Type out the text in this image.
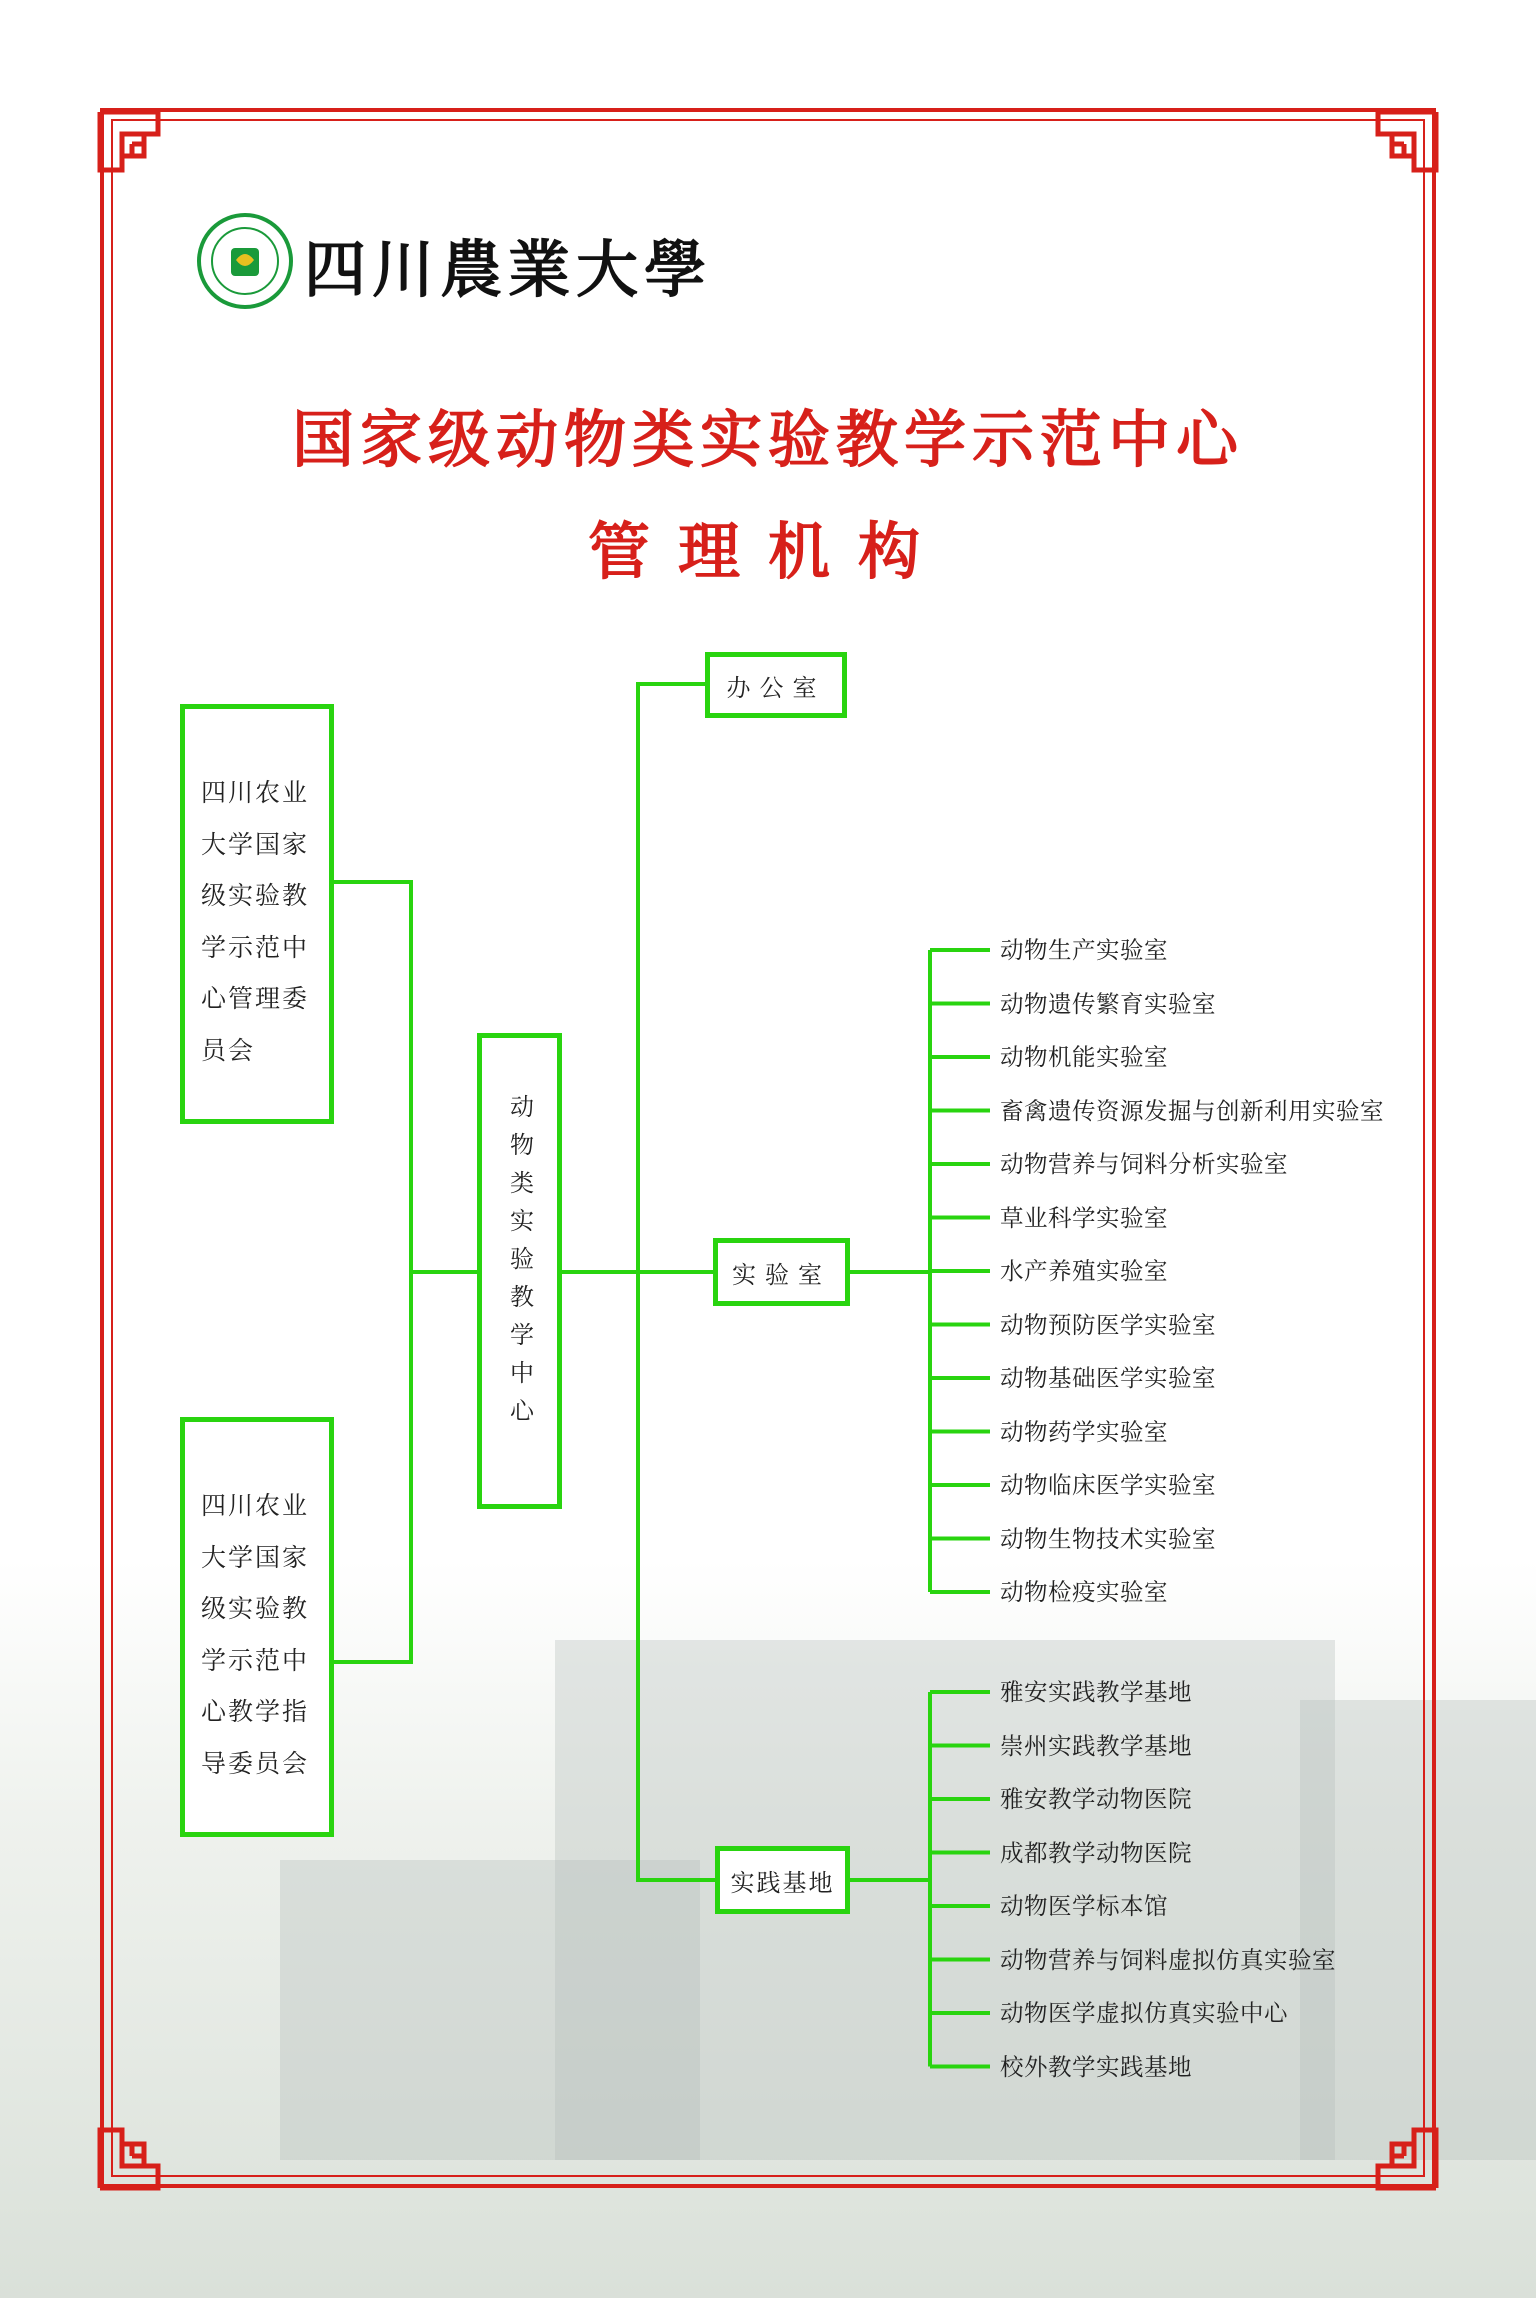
四川農業大學
国家级动物类实验教学示范中心
管理机构
四川农业
大学国家
级实验教
学示范中
心管理委
员会
四川农业
大学国家
级实验教
学示范中
心教学指
导委员会
动物类实验教学中心
办公室
实验室
实践基地
动物生产实验室
动物遗传繁育实验室
动物机能实验室
畜禽遗传资源发掘与创新利用实验室
动物营养与饲料分析实验室
草业科学实验室
水产养殖实验室
动物预防医学实验室
动物基础医学实验室
动物药学实验室
动物临床医学实验室
动物生物技术实验室
动物检疫实验室
雅安实践教学基地
崇州实践教学基地
雅安教学动物医院
成都教学动物医院
动物医学标本馆
动物营养与饲料虚拟仿真实验室
动物医学虚拟仿真实验中心
校外教学实践基地
